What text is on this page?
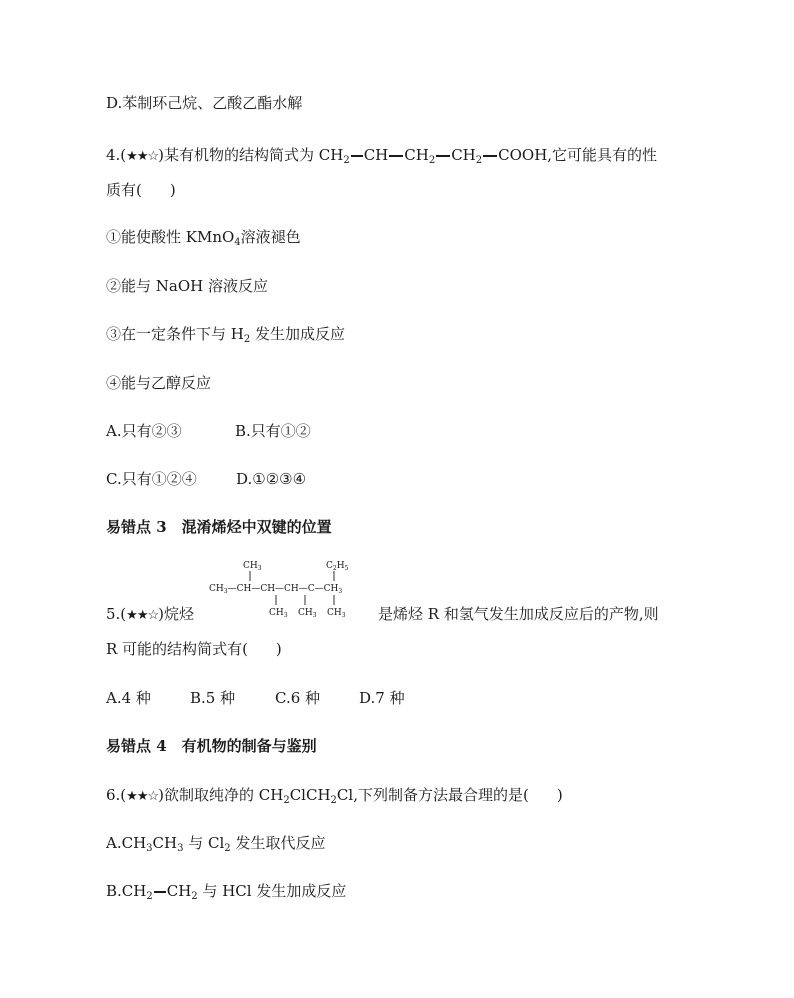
D.苯制环己烷、乙酸乙酯水解
4.(★★☆)某有机物的结构简式为 $CH_2$ CH $CH_2$ $CH_2$ COOH,它可能具有的性
质有( )
①能使酸性 KMnO$_4$溶液褪色
②能与 NaOH 溶液反应
③在一定条件下与 $H_2$ 发生加成反应
④能与乙醇反应
A.只有②③	B.只有①②
C.只有①②④	D.①②③④
易错点 3　混淆烯烃中双键的位置
$CH_3$	$C_2H_5$
$CH_3—CH—CH—CH—C—CH_3$
$CH_3$ $CH_3$ $CH_3$
5.(★★☆)烷烃	是烯烃 R 和氢气发生加成反应后的产物,则
R 可能的结构简式有( )
A.4 种	B.5 种	C.6 种	D.7 种
易错点 4　有机物的制备与鉴别
6.(★★☆)欲制取纯净的 $CH_2ClCH_2Cl$,下列制备方法最合理的是( )
$A.CH_3CH_3$ 与 $Cl_2$ 发生取代反应
$B.CH_2$ $CH_2$ 与 HCl 发生加成反应
